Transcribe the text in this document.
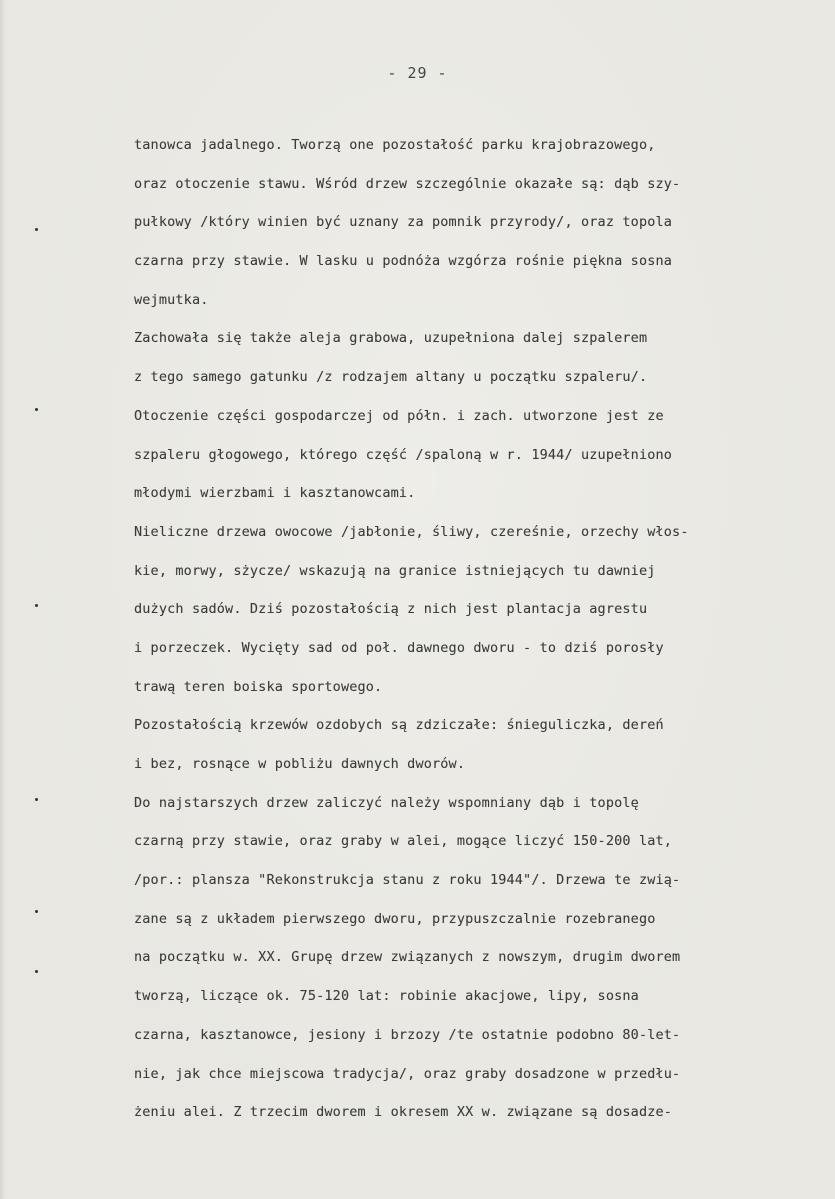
- 29 -
tanowca jadalnego. Tworzą one pozostałość parku krajobrazowego,
oraz otoczenie stawu. Wśród drzew szczególnie okazałe są: dąb szy-
pułkowy /który winien być uznany za pomnik przyrody/, oraz topola
czarna przy stawie. W lasku u podnóża wzgórza rośnie piękna sosna
wejmutka.
Zachowała się także aleja grabowa, uzupełniona dalej szpalerem
z tego samego gatunku /z rodzajem altany u początku szpaleru/.
Otoczenie części gospodarczej od półn. i zach. utworzone jest ze
szpaleru głogowego, którego część /spaloną w r. 1944/ uzupełniono
młodymi wierzbami i kasztanowcami.
Nieliczne drzewa owocowe /jabłonie, śliwy, czereśnie, orzechy włos-
kie, morwy, sżycze/ wskazują na granice istniejących tu dawniej
dużych sadów. Dziś pozostałością z nich jest plantacja agrestu
i porzeczek. Wycięty sad od poł. dawnego dworu - to dziś porosły
trawą teren boiska sportowego.
Pozostałością krzewów ozdobych są zdziczałe: śnieguliczka, dereń
i bez, rosnące w pobliżu dawnych dworów.
Do najstarszych drzew zaliczyć należy wspomniany dąb i topolę
czarną przy stawie, oraz graby w alei, mogące liczyć 150-200 lat,
/por.: plansza "Rekonstrukcja stanu z roku 1944"/. Drzewa te zwią-
zane są z układem pierwszego dworu, przypuszczalnie rozebranego
na początku w. XX. Grupę drzew związanych z nowszym, drugim dworem
tworzą, liczące ok. 75-120 lat: robinie akacjowe, lipy, sosna
czarna, kasztanowce, jesiony i brzozy /te ostatnie podobno 80-let-
nie, jak chce miejscowa tradycja/, oraz graby dosadzone w przedłu-
żeniu alei. Z trzecim dworem i okresem XX w. związane są dosadze-
